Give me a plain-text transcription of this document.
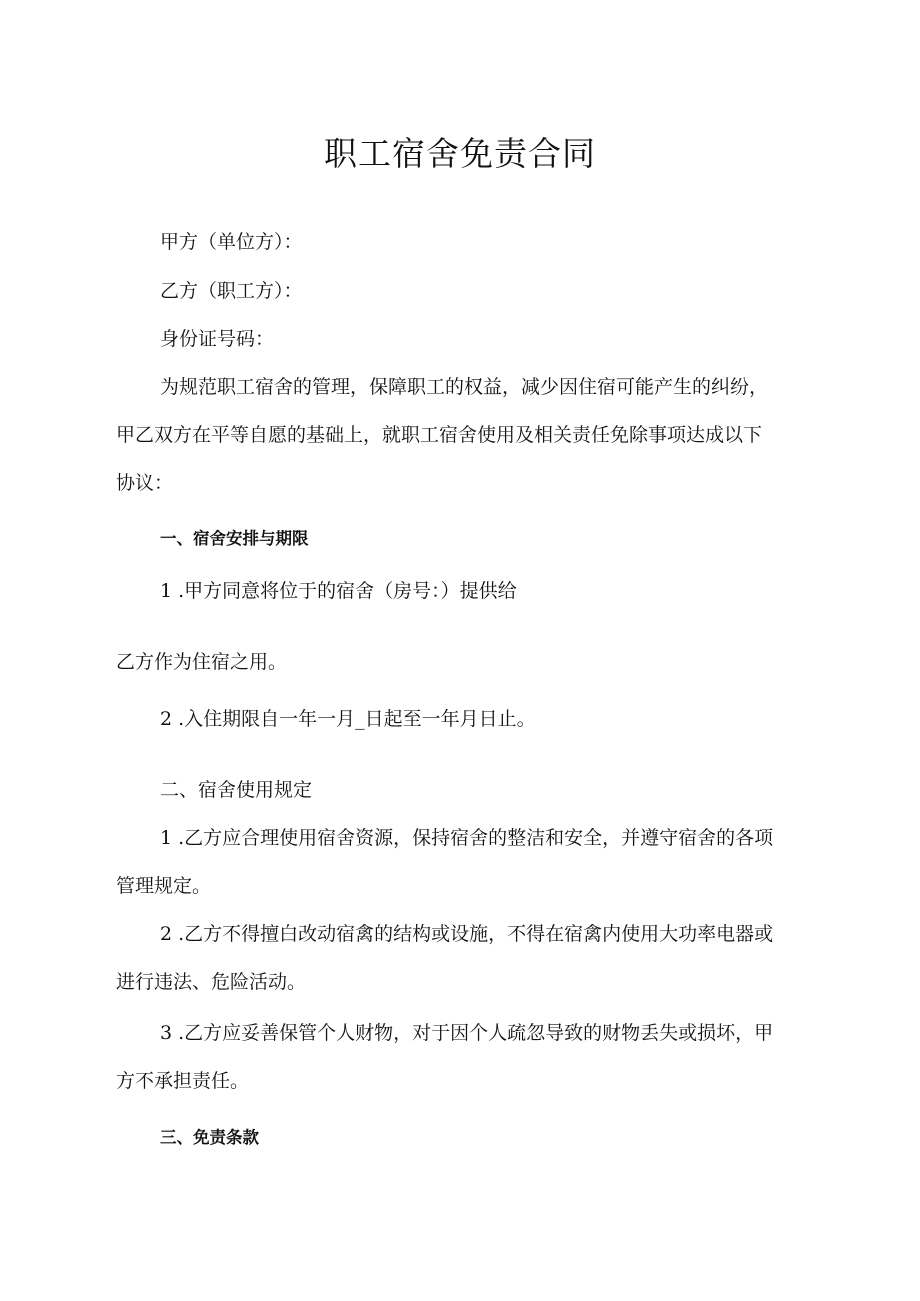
职工宿舍免责合同
甲方（单位方）：
乙方（职工方）：
身份证号码：
为规范职工宿舍的管理，保障职工的权益，减少因住宿可能产生的纠纷，
甲乙双方在平等自愿的基础上，就职工宿舍使用及相关责任免除事项达成以下
协议：
一、宿舍安排与期限
1 .甲方同意将位于的宿舍（房号：）提供给
乙方作为住宿之用。
2 .入住期限自一年一月_日起至一年月日止。
二、宿舍使用规定
1 .乙方应合理使用宿舍资源，保持宿舍的整洁和安全，并遵守宿舍的各项
管理规定。
2 .乙方不得擅白改动宿禽的结构或设施，不得在宿禽内使用大功率电器或
进行违法、危险活动。
3 .乙方应妥善保管个人财物，对于因个人疏忽导致的财物丢失或损坏，甲
方不承担责任。
三、免责条款
